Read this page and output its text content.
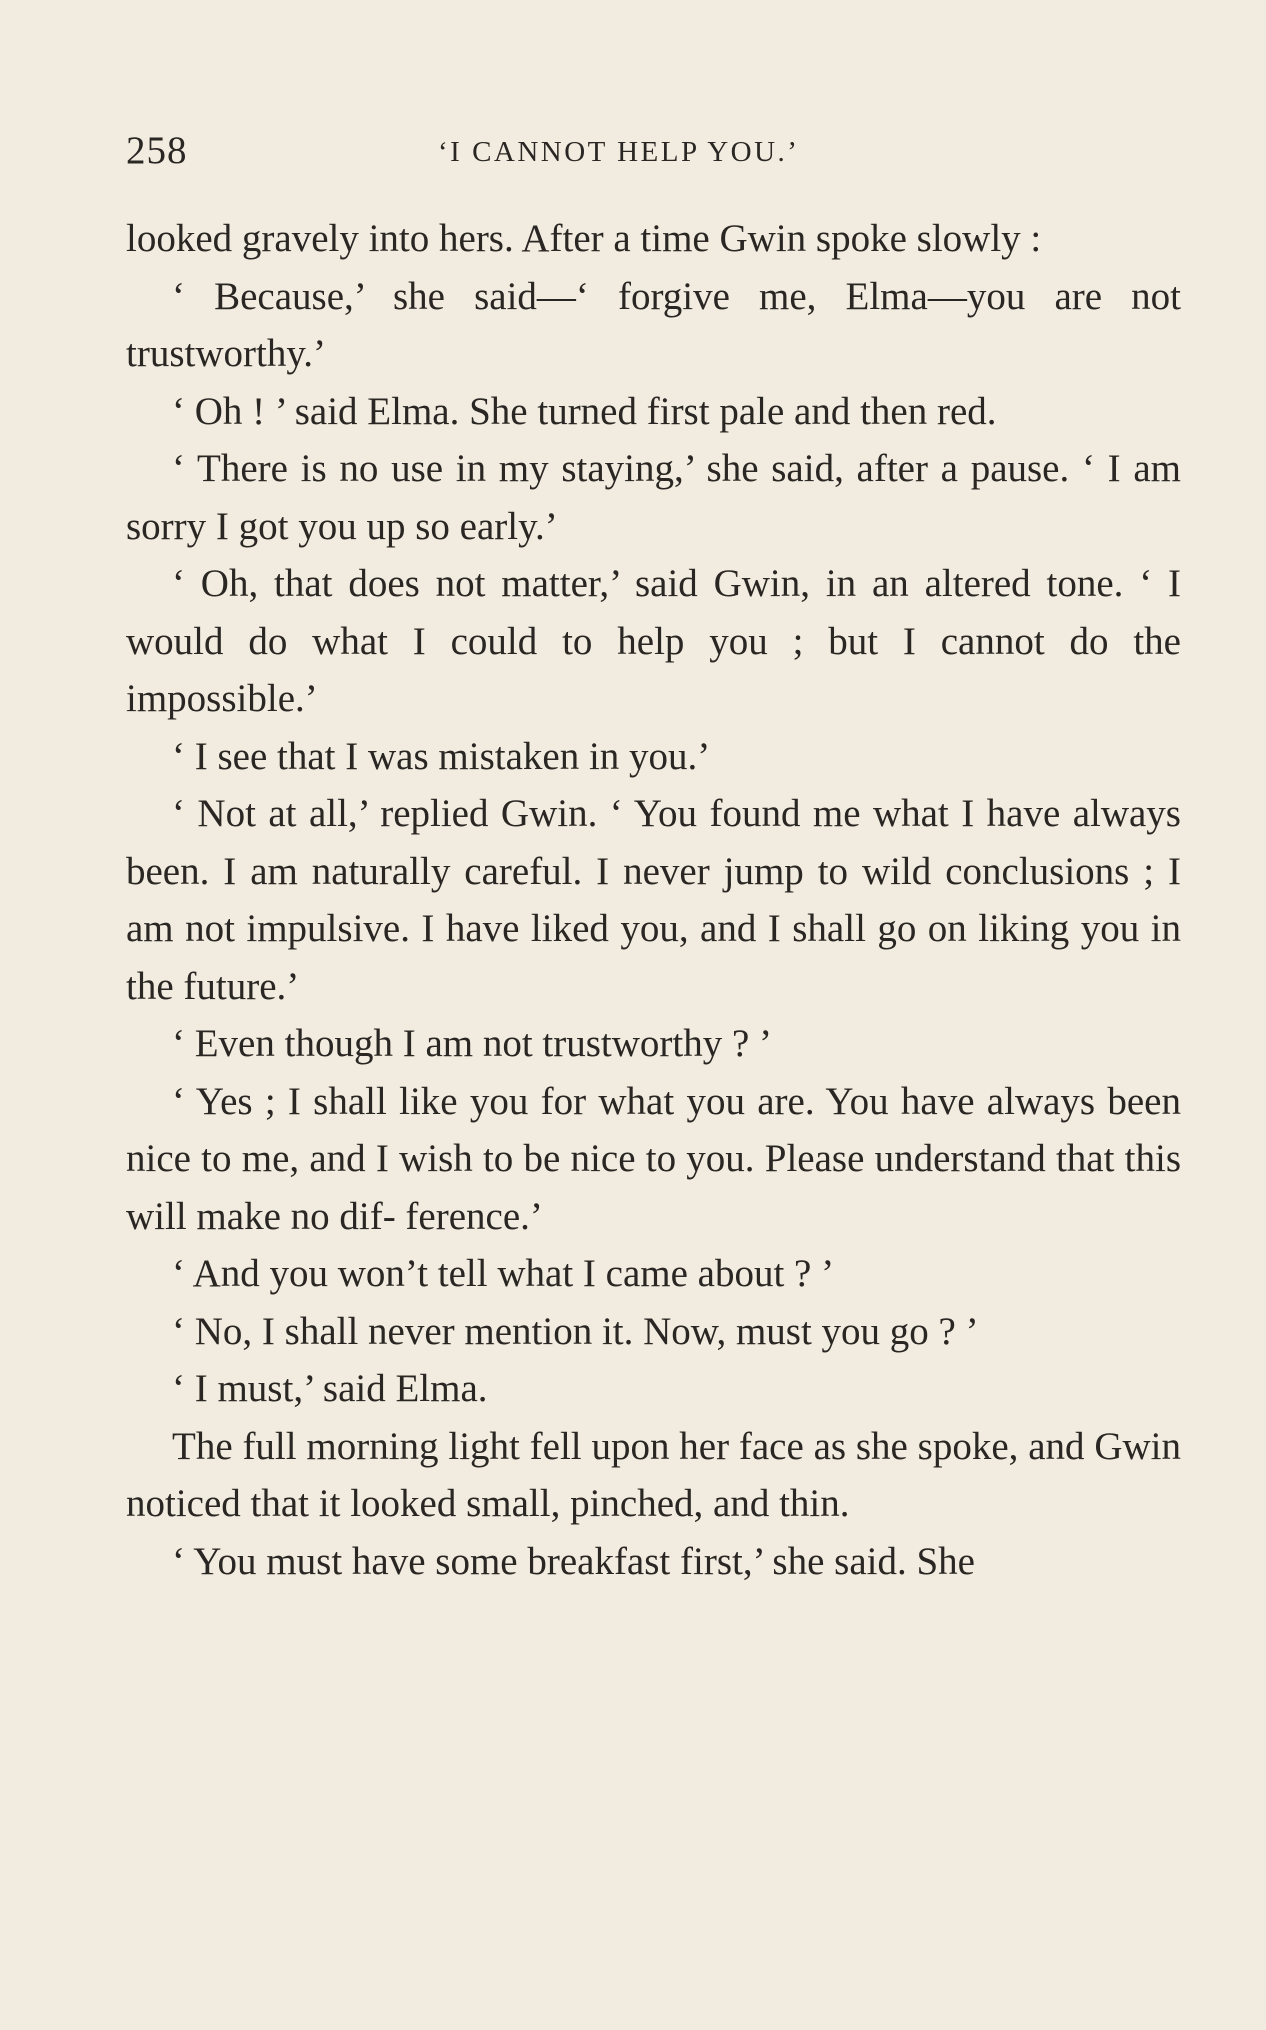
258	‘I CANNOT HELP YOU.’

looked gravely into hers. After a time Gwin spoke slowly :

‘ Because,’ she said—‘ forgive me, Elma—you are not trustworthy.’

‘ Oh ! ’ said Elma. She turned first pale and then red.

‘ There is no use in my staying,’ she said, after a pause. ‘ I am sorry I got you up so early.’

‘ Oh, that does not matter,’ said Gwin, in an altered tone. ‘ I would do what I could to help you ; but I cannot do the impossible.’

‘ I see that I was mistaken in you.’

‘ Not at all,’ replied Gwin. ‘ You found me what I have always been. I am naturally careful. I never jump to wild conclusions ; I am not impulsive. I have liked you, and I shall go on liking you in the future.’

‘ Even though I am not trustworthy ? ’

‘ Yes ; I shall like you for what you are. You have always been nice to me, and I wish to be nice to you. Please understand that this will make no dif- ference.’

‘ And you won’t tell what I came about ? ’

‘ No, I shall never mention it. Now, must you go ? ’

‘ I must,’ said Elma.

The full morning light fell upon her face as she spoke, and Gwin noticed that it looked small, pinched, and thin.

‘ You must have some breakfast first,’ she said. She
